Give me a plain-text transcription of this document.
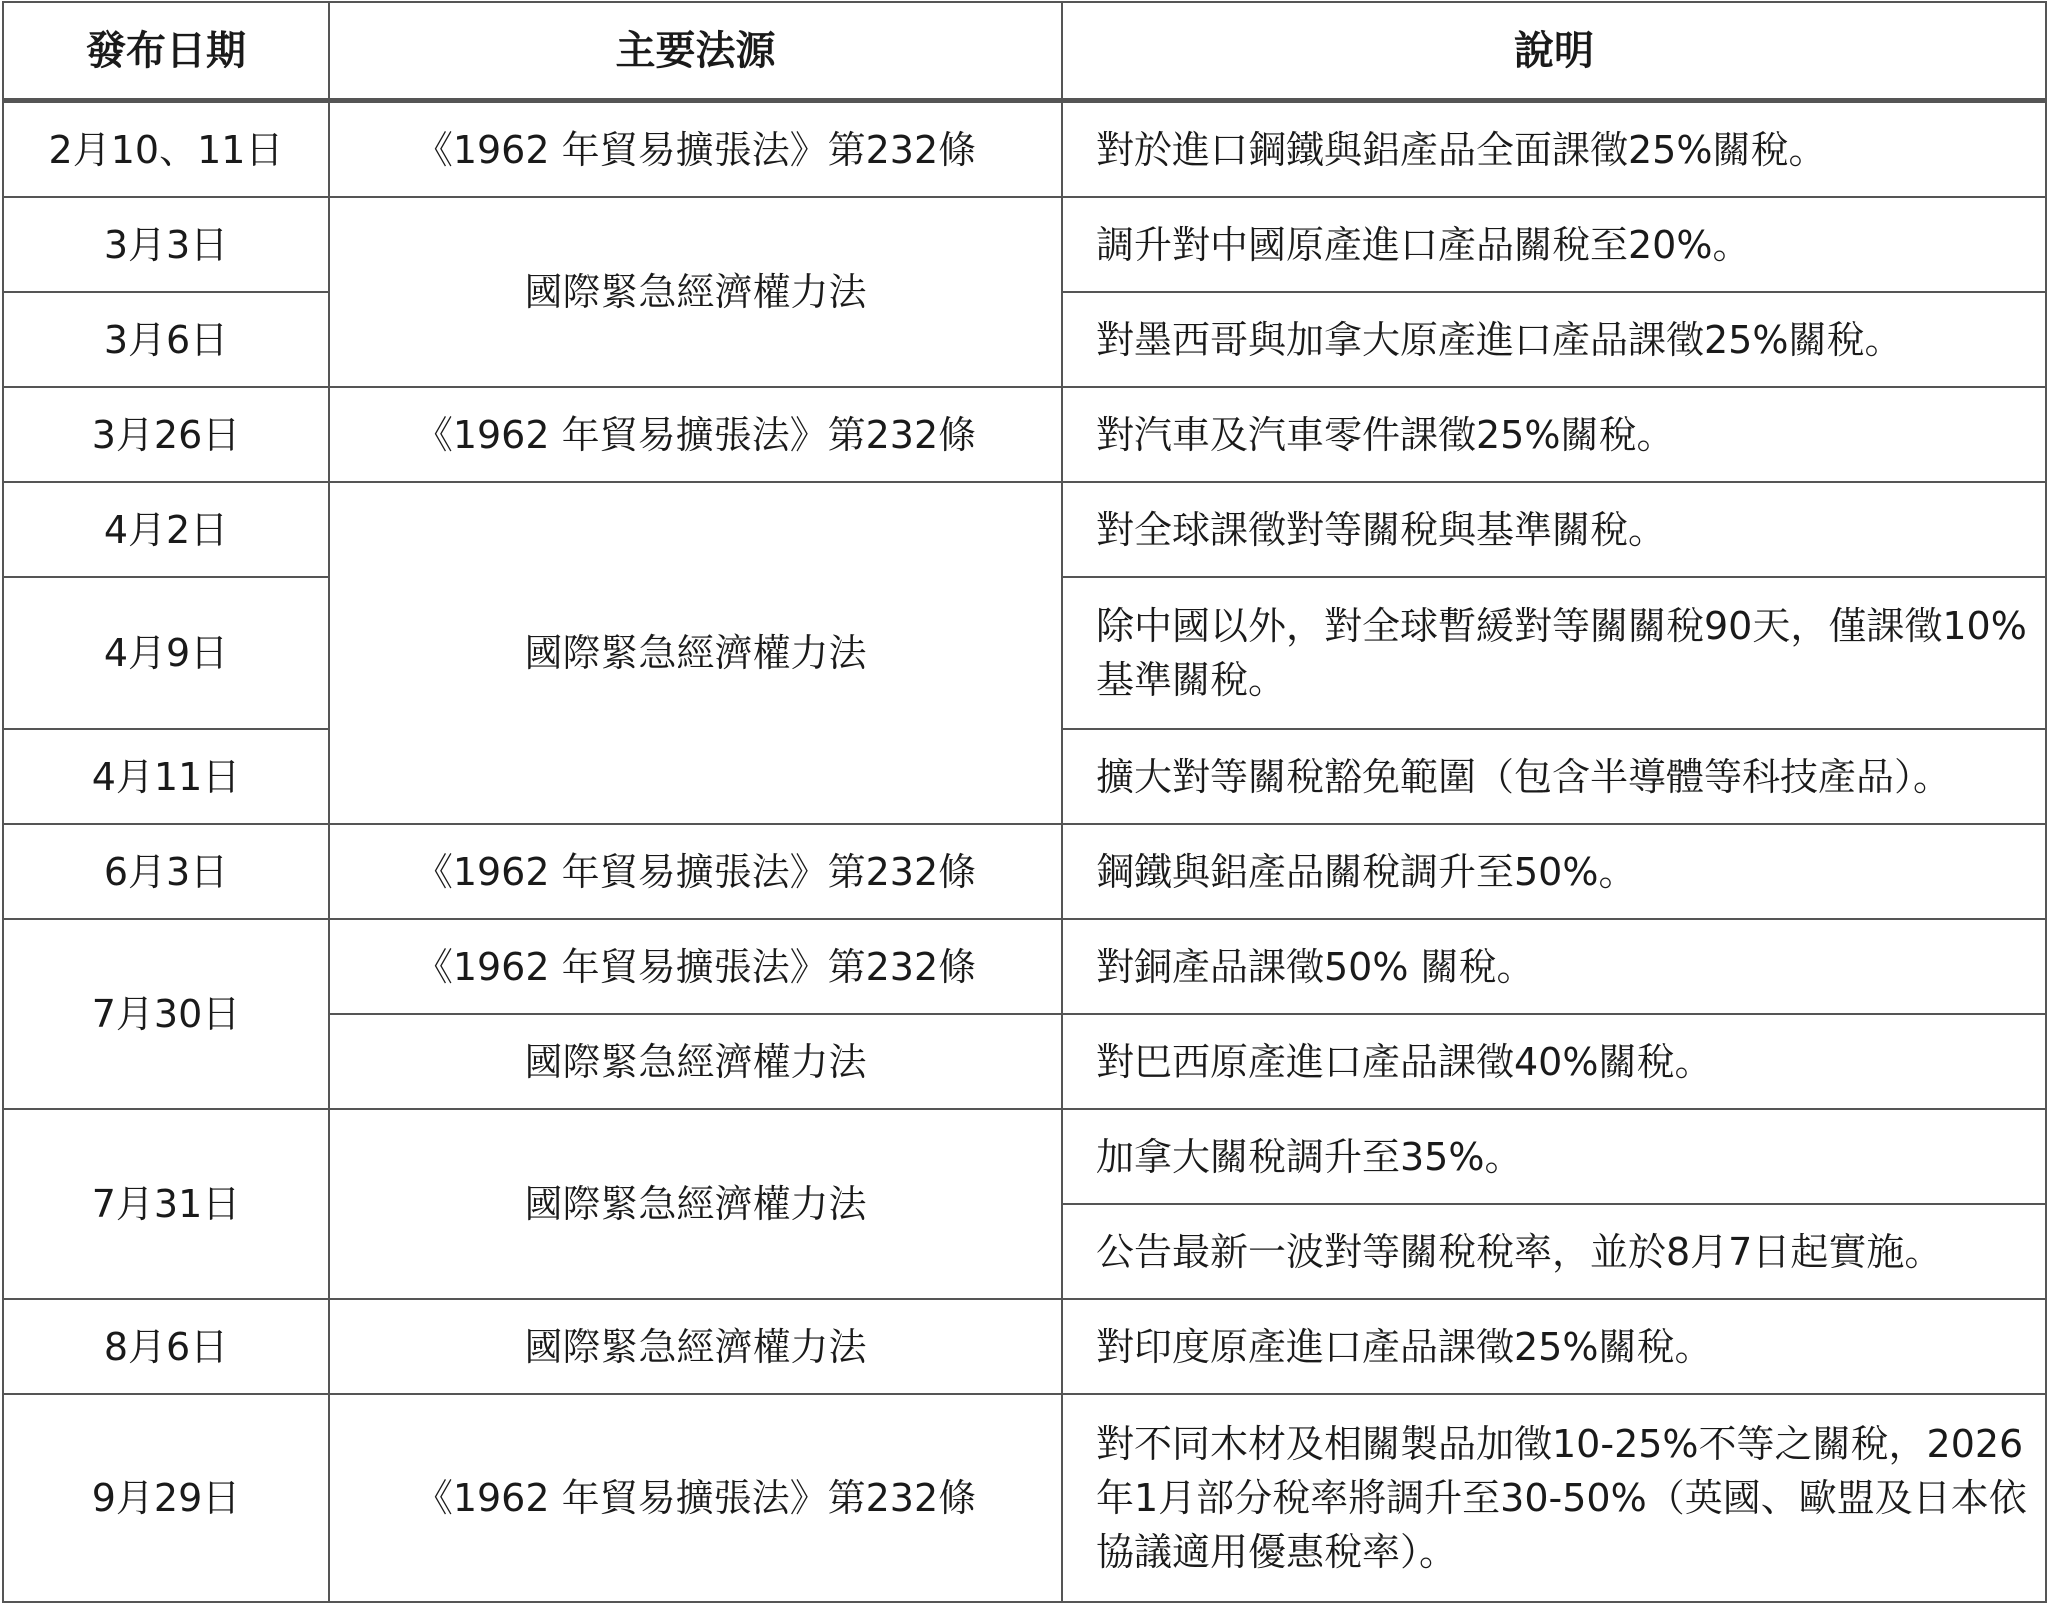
發布日期	主要法源	說明
2月10、11日	《1962 年貿易擴張法》第232條	對於進口鋼鐵與鋁產品全面課徵25%關稅。
3月3日	國際緊急經濟權力法	調升對中國原產進口產品關稅至20%。
3月6日		對墨西哥與加拿大原產進口產品課徵25%關稅。
3月26日	《1962 年貿易擴張法》第232條	對汽車及汽車零件課徵25%關稅。
4月2日	國際緊急經濟權力法	對全球課徵對等關稅與基準關稅。
4月9日		除中國以外，對全球暫緩對等關關稅90天，僅課徵10%基準關稅。
4月11日		擴大對等關稅豁免範圍（包含半導體等科技產品）。
6月3日	《1962 年貿易擴張法》第232條	鋼鐵與鋁產品關稅調升至50%。
7月30日	《1962 年貿易擴張法》第232條	對銅產品課徵50% 關稅。
	國際緊急經濟權力法	對巴西原產進口產品課徵40%關稅。
7月31日	國際緊急經濟權力法	加拿大關稅調升至35%。
		公告最新一波對等關稅稅率，並於8月7日起實施。
8月6日	國際緊急經濟權力法	對印度原產進口產品課徵25%關稅。
9月29日	《1962 年貿易擴張法》第232條	對不同木材及相關製品加徵10-25%不等之關稅，2026年1月部分稅率將調升至30-50%（英國、歐盟及日本依協議適用優惠稅率）。
